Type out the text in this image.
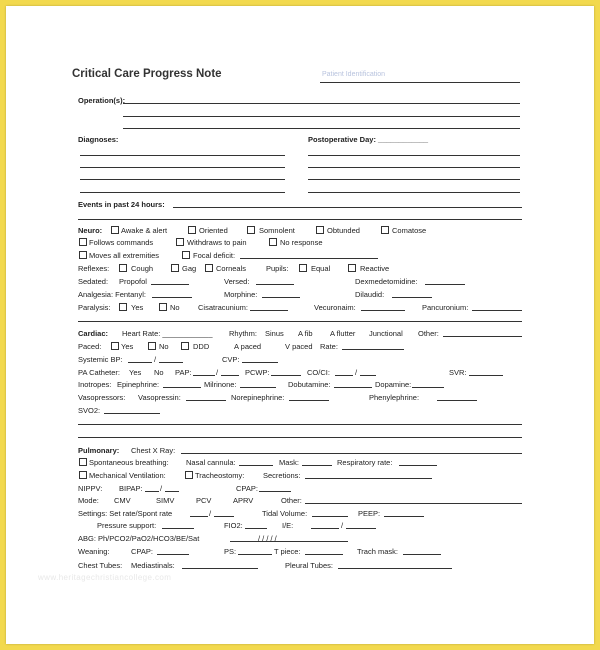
Critical Care Progress Note	Patient Identification
Operation(s):
Diagnoses:	Postoperative Day: ____________
Events in past 24 hours:
Neuro:	Awake & alert	Oriented	Somnolent	Obtunded	Comatose
Follows commands	Withdraws to pain	No response
Moves all extremities	Focal deficit:
Reflexes:	Cough	Gag	Corneals	Pupils:	Equal	Reactive
Sedated: Propofol	Versed:	Dexmedetomidine:
Analgesia: Fentanyl:	Morphine:	Dilaudid:
Paralysis:	Yes	No Cisatracunium:	Vecuronaim:	Pancuronium:
Cardiac: Heart Rate: ____________ Rhythm: Sinus A fib A flutter Junctional Other:
Paced:	Yes	No	DDD	A paced	V paced Rate:
Systemic BP:	/	CVP:
PA Catheter: Yes No PAP:	/	PCWP:	CO/CI:	/	SVR:
Inotropes: Epinephrine:	Milrinone:	Dobutamine:	Dopamine:
Vasopressors: Vasopressin:	Norepinephrine:	Phenylephrine:
SVO2:
Pulmonary: Chest X Ray:
Spontaneous breathing: Nasal cannula:	Mask:	Respiratory rate:
Mechanical Ventilation:	Tracheostomy: Secretions:
NIPPV: BIPAP: /	CPAP:
Mode: CMV	SIMV	PCV	APRV	Other:
Settings: Set rate/Spont rate	/	Tidal Volume:	PEEP:
Pressure support:	FIO2:	I/E:	/
ABG: Ph/PCO2/PaO2/HCO3/BE/Sat	/ / / / /
Weaning:	CPAP:	PS:	T piece:	Trach mask:
Chest Tubes: Mediastinals:	Pleural Tubes:
www.heritagechristiancollege.com
